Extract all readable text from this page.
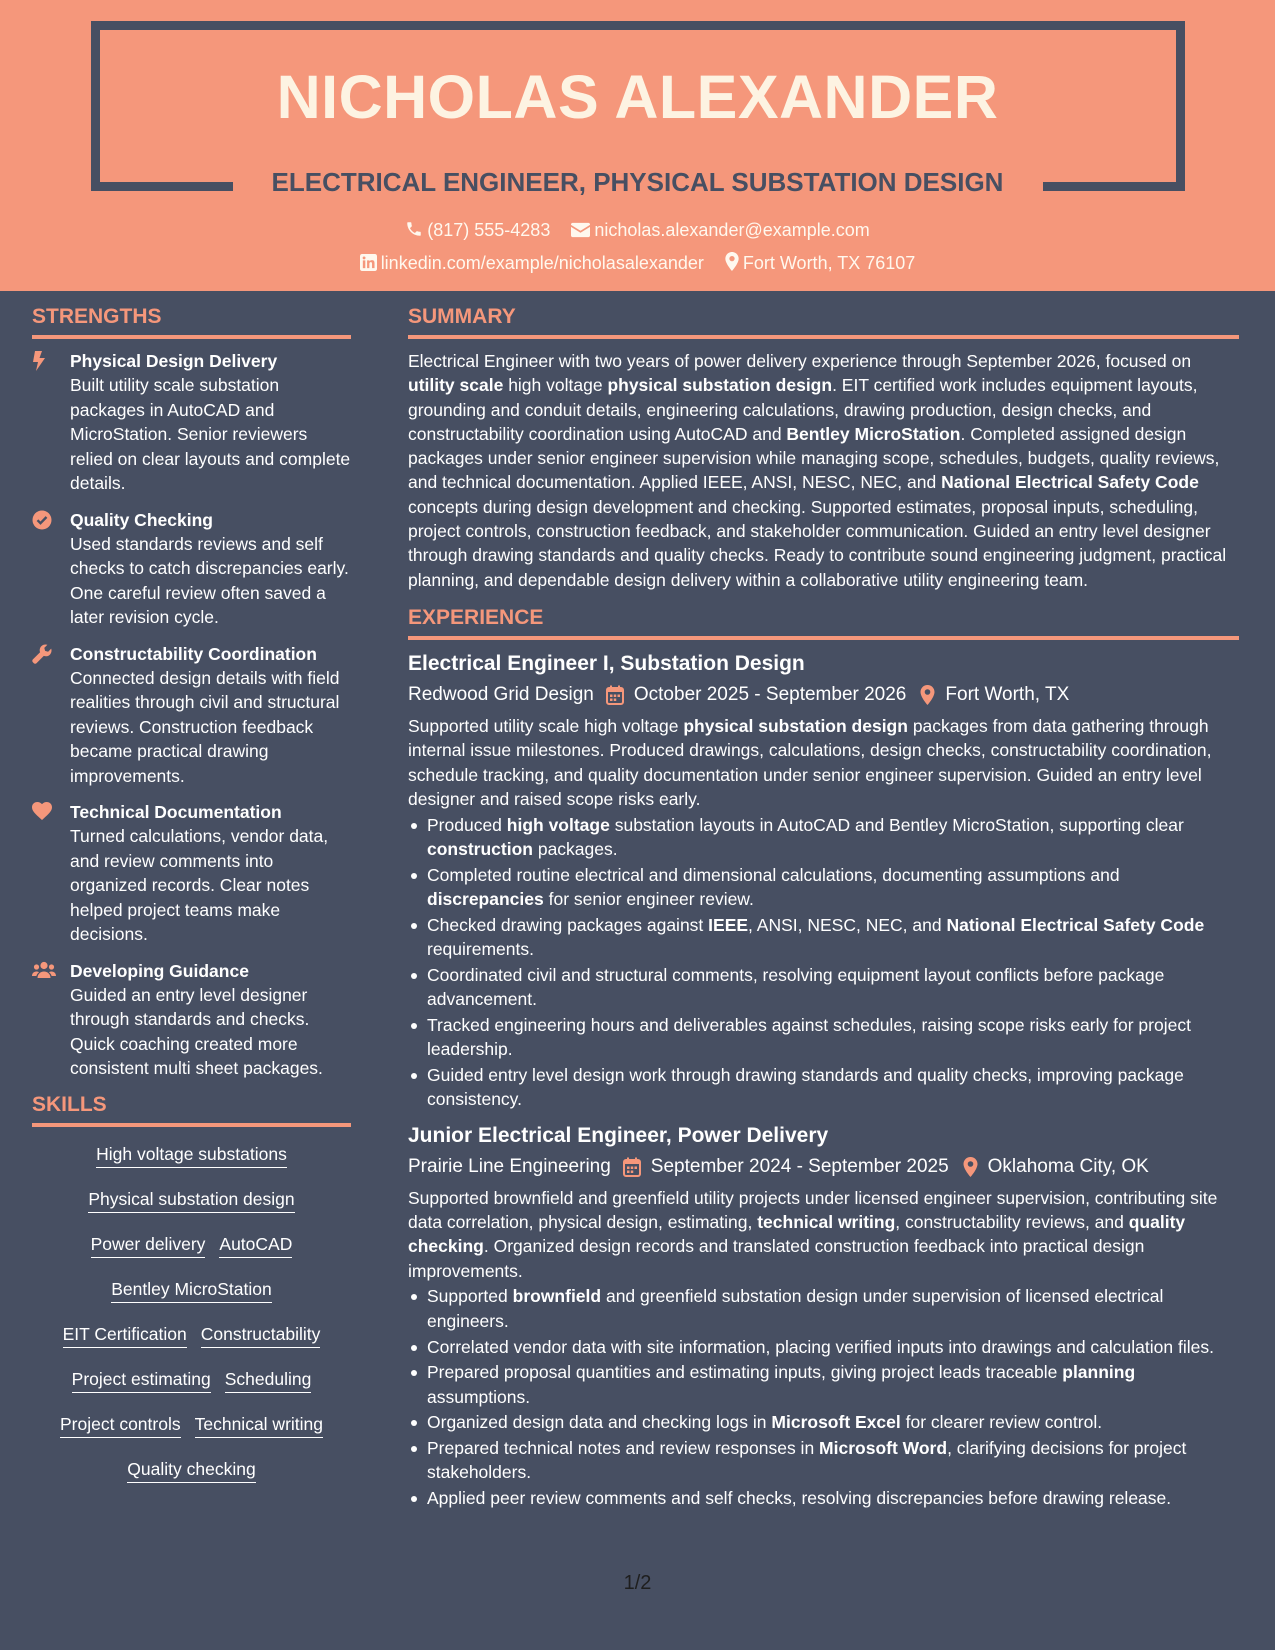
NICHOLAS ALEXANDER
ELECTRICAL ENGINEER, PHYSICAL SUBSTATION DESIGN
(817) 555-4283 nicholas.alexander@example.com
linkedin.com/example/nicholasalexander Fort Worth, TX 76107
STRENGTHS
Physical Design Delivery
Built utility scale substation packages in AutoCAD and MicroStation. Senior reviewers relied on clear layouts and complete details.
Quality Checking
Used standards reviews and self checks to catch discrepancies early. One careful review often saved a later revision cycle.
Constructability Coordination
Connected design details with field realities through civil and structural reviews. Construction feedback became practical drawing improvements.
Technical Documentation
Turned calculations, vendor data, and review comments into organized records. Clear notes helped project teams make decisions.
Developing Guidance
Guided an entry level designer through standards and checks. Quick coaching created more consistent multi sheet packages.
SKILLS
High voltage substations
Physical substation design
Power delivery AutoCAD
Bentley MicroStation
EIT Certification Constructability
Project estimating Scheduling
Project controls Technical writing
Quality checking
SUMMARY
Electrical Engineer with two years of power delivery experience through September 2026, focused on utility scale high voltage physical substation design. EIT certified work includes equipment layouts, grounding and conduit details, engineering calculations, drawing production, design checks, and constructability coordination using AutoCAD and Bentley MicroStation. Completed assigned design packages under senior engineer supervision while managing scope, schedules, budgets, quality reviews, and technical documentation. Applied IEEE, ANSI, NESC, NEC, and National Electrical Safety Code concepts during design development and checking. Supported estimates, proposal inputs, scheduling, project controls, construction feedback, and stakeholder communication. Guided an entry level designer through drawing standards and quality checks. Ready to contribute sound engineering judgment, practical planning, and dependable design delivery within a collaborative utility engineering team.
EXPERIENCE
Electrical Engineer I, Substation Design
Redwood Grid Design October 2025 - September 2026 Fort Worth, TX
Supported utility scale high voltage physical substation design packages from data gathering through internal issue milestones. Produced drawings, calculations, design checks, constructability coordination, schedule tracking, and quality documentation under senior engineer supervision. Guided an entry level designer and raised scope risks early.
Produced high voltage substation layouts in AutoCAD and Bentley MicroStation, supporting clear construction packages.
Completed routine electrical and dimensional calculations, documenting assumptions and discrepancies for senior engineer review.
Checked drawing packages against IEEE, ANSI, NESC, NEC, and National Electrical Safety Code requirements.
Coordinated civil and structural comments, resolving equipment layout conflicts before package advancement.
Tracked engineering hours and deliverables against schedules, raising scope risks early for project leadership.
Guided entry level design work through drawing standards and quality checks, improving package consistency.
Junior Electrical Engineer, Power Delivery
Prairie Line Engineering September 2024 - September 2025 Oklahoma City, OK
Supported brownfield and greenfield utility projects under licensed engineer supervision, contributing site data correlation, physical design, estimating, technical writing, constructability reviews, and quality checking. Organized design records and translated construction feedback into practical design improvements.
Supported brownfield and greenfield substation design under supervision of licensed electrical engineers.
Correlated vendor data with site information, placing verified inputs into drawings and calculation files.
Prepared proposal quantities and estimating inputs, giving project leads traceable planning assumptions.
Organized design data and checking logs in Microsoft Excel for clearer review control.
Prepared technical notes and review responses in Microsoft Word, clarifying decisions for project stakeholders.
Applied peer review comments and self checks, resolving discrepancies before drawing release.
1/2
